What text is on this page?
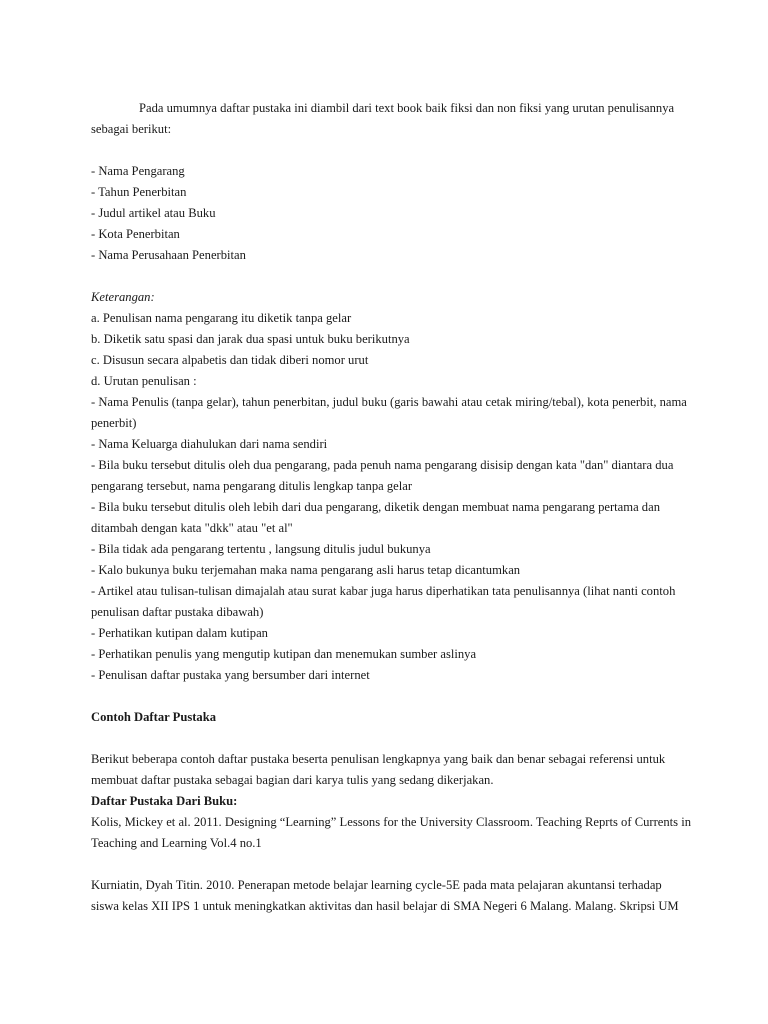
Pada umumnya daftar pustaka ini diambil dari text book baik fiksi dan non fiksi yang urutan penulisannya sebagai berikut:

- Nama Pengarang
- Tahun Penerbitan
- Judul artikel atau Buku
- Kota Penerbitan
- Nama Perusahaan Penerbitan
Keterangan:
a. Penulisan nama pengarang itu diketik tanpa gelar
b. Diketik satu spasi dan jarak dua spasi untuk buku berikutnya
c. Disusun secara alpabetis dan tidak diberi nomor urut
d. Urutan penulisan :
- Nama Penulis (tanpa gelar), tahun penerbitan, judul buku (garis bawahi atau cetak miring/tebal), kota penerbit, nama penerbit)
- Nama Keluarga diahulukan dari nama sendiri
- Bila buku tersebut ditulis oleh dua pengarang, pada penuh nama pengarang disisip dengan kata "dan" diantara dua pengarang tersebut, nama pengarang ditulis lengkap tanpa gelar
- Bila buku tersebut ditulis oleh lebih dari dua pengarang, diketik dengan membuat nama pengarang pertama dan ditambah dengan kata "dkk" atau "et al"
- Bila tidak ada pengarang tertentu , langsung ditulis judul bukunya
- Kalo bukunya buku terjemahan maka nama pengarang asli harus tetap dicantumkan
- Artikel atau tulisan-tulisan dimajalah atau surat kabar juga harus diperhatikan tata penulisannya (lihat nanti contoh penulisan daftar pustaka dibawah)
- Perhatikan kutipan dalam kutipan
- Perhatikan penulis yang mengutip kutipan dan menemukan sumber aslinya
- Penulisan daftar pustaka yang bersumber dari internet
Contoh Daftar Pustaka

Berikut beberapa contoh daftar pustaka beserta penulisan lengkapnya yang baik dan benar sebagai referensi untuk membuat daftar pustaka sebagai bagian dari karya tulis yang sedang dikerjakan.

Daftar Pustaka Dari Buku:

Kolis, Mickey et al. 2011. Designing “Learning” Lessons for the University Classroom. Teaching Reprts of Currents in Teaching and Learning Vol.4 no.1

Kurniatin, Dyah Titin. 2010. Penerapan metode belajar learning cycle-5E pada mata pelajaran akuntansi terhadap siswa kelas XII IPS 1 untuk meningkatkan aktivitas dan hasil belajar di SMA Negeri 6 Malang. Malang. Skripsi UM
